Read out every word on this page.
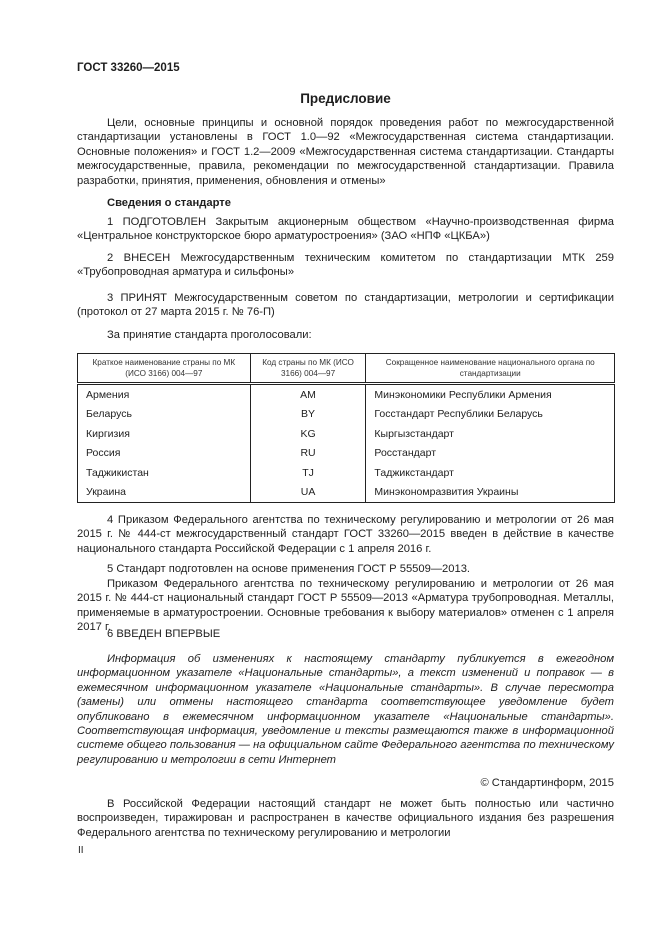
ГОСТ 33260—2015
Предисловие
Цели, основные принципы и основной порядок проведения работ по межгосударственной стандартизации установлены в ГОСТ 1.0—92 «Межгосударственная система стандартизации. Основные положения» и ГОСТ 1.2—2009 «Межгосударственная система стандартизации. Стандарты межгосударственные, правила, рекомендации по межгосударственной стандартизации. Правила разработки, принятия, применения, обновления и отмены»
Сведения о стандарте
1 ПОДГОТОВЛЕН Закрытым акционерным обществом «Научно-производственная фирма «Центральное конструкторское бюро арматуростроения» (ЗАО «НПФ «ЦКБА»)
2 ВНЕСЕН Межгосударственным техническим комитетом по стандартизации МТК 259 «Трубопроводная арматура и сильфоны»
3 ПРИНЯТ Межгосударственным советом по стандартизации, метрологии и сертификации (протокол от 27 марта 2015 г. № 76-П)
За принятие стандарта проголосовали:
Краткое наименование страны по МК (ИСО 3166) 004—97	Код страны по МК (ИСО 3166) 004—97	Сокращенное наименование национального органа по стандартизации
Армения	AM	Минэкономики Республики Армения
Беларусь	BY	Госстандарт Республики Беларусь
Киргизия	KG	Кыргызстандарт
Россия	RU	Росстандарт
Таджикистан	TJ	Таджикстандарт
Украина	UA	Минэкономразвития Украины
4 Приказом Федерального агентства по техническому регулированию и метрологии от 26 мая 2015 г. № 444-ст межгосударственный стандарт ГОСТ 33260—2015 введен в действие в качестве национального стандарта Российской Федерации с 1 апреля 2016 г.
5 Стандарт подготовлен на основе применения ГОСТ Р 55509—2013.
Приказом Федерального агентства по техническому регулированию и метрологии от 26 мая 2015 г. № 444-ст национальный стандарт ГОСТ Р 55509—2013 «Арматура трубопроводная. Металлы, применяемые в арматуростроении. Основные требования к выбору материалов» отменен с 1 апреля 2017 г.
6 ВВЕДЕН ВПЕРВЫЕ
Информация об изменениях к настоящему стандарту публикуется в ежегодном информационном указателе «Национальные стандарты», а текст изменений и поправок — в ежемесячном информационном указателе «Национальные стандарты». В случае пересмотра (замены) или отмены настоящего стандарта соответствующее уведомление будет опубликовано в ежемесячном информационном указателе «Национальные стандарты». Соответствующая информация, уведомление и тексты размещаются также в информационной системе общего пользования — на официальном сайте Федерального агентства по техническому регулированию и метрологии в сети Интернет
© Стандартинформ, 2015
В Российской Федерации настоящий стандарт не может быть полностью или частично воспроизведен, тиражирован и распространен в качестве официального издания без разрешения Федерального агентства по техническому регулированию и метрологии
II
